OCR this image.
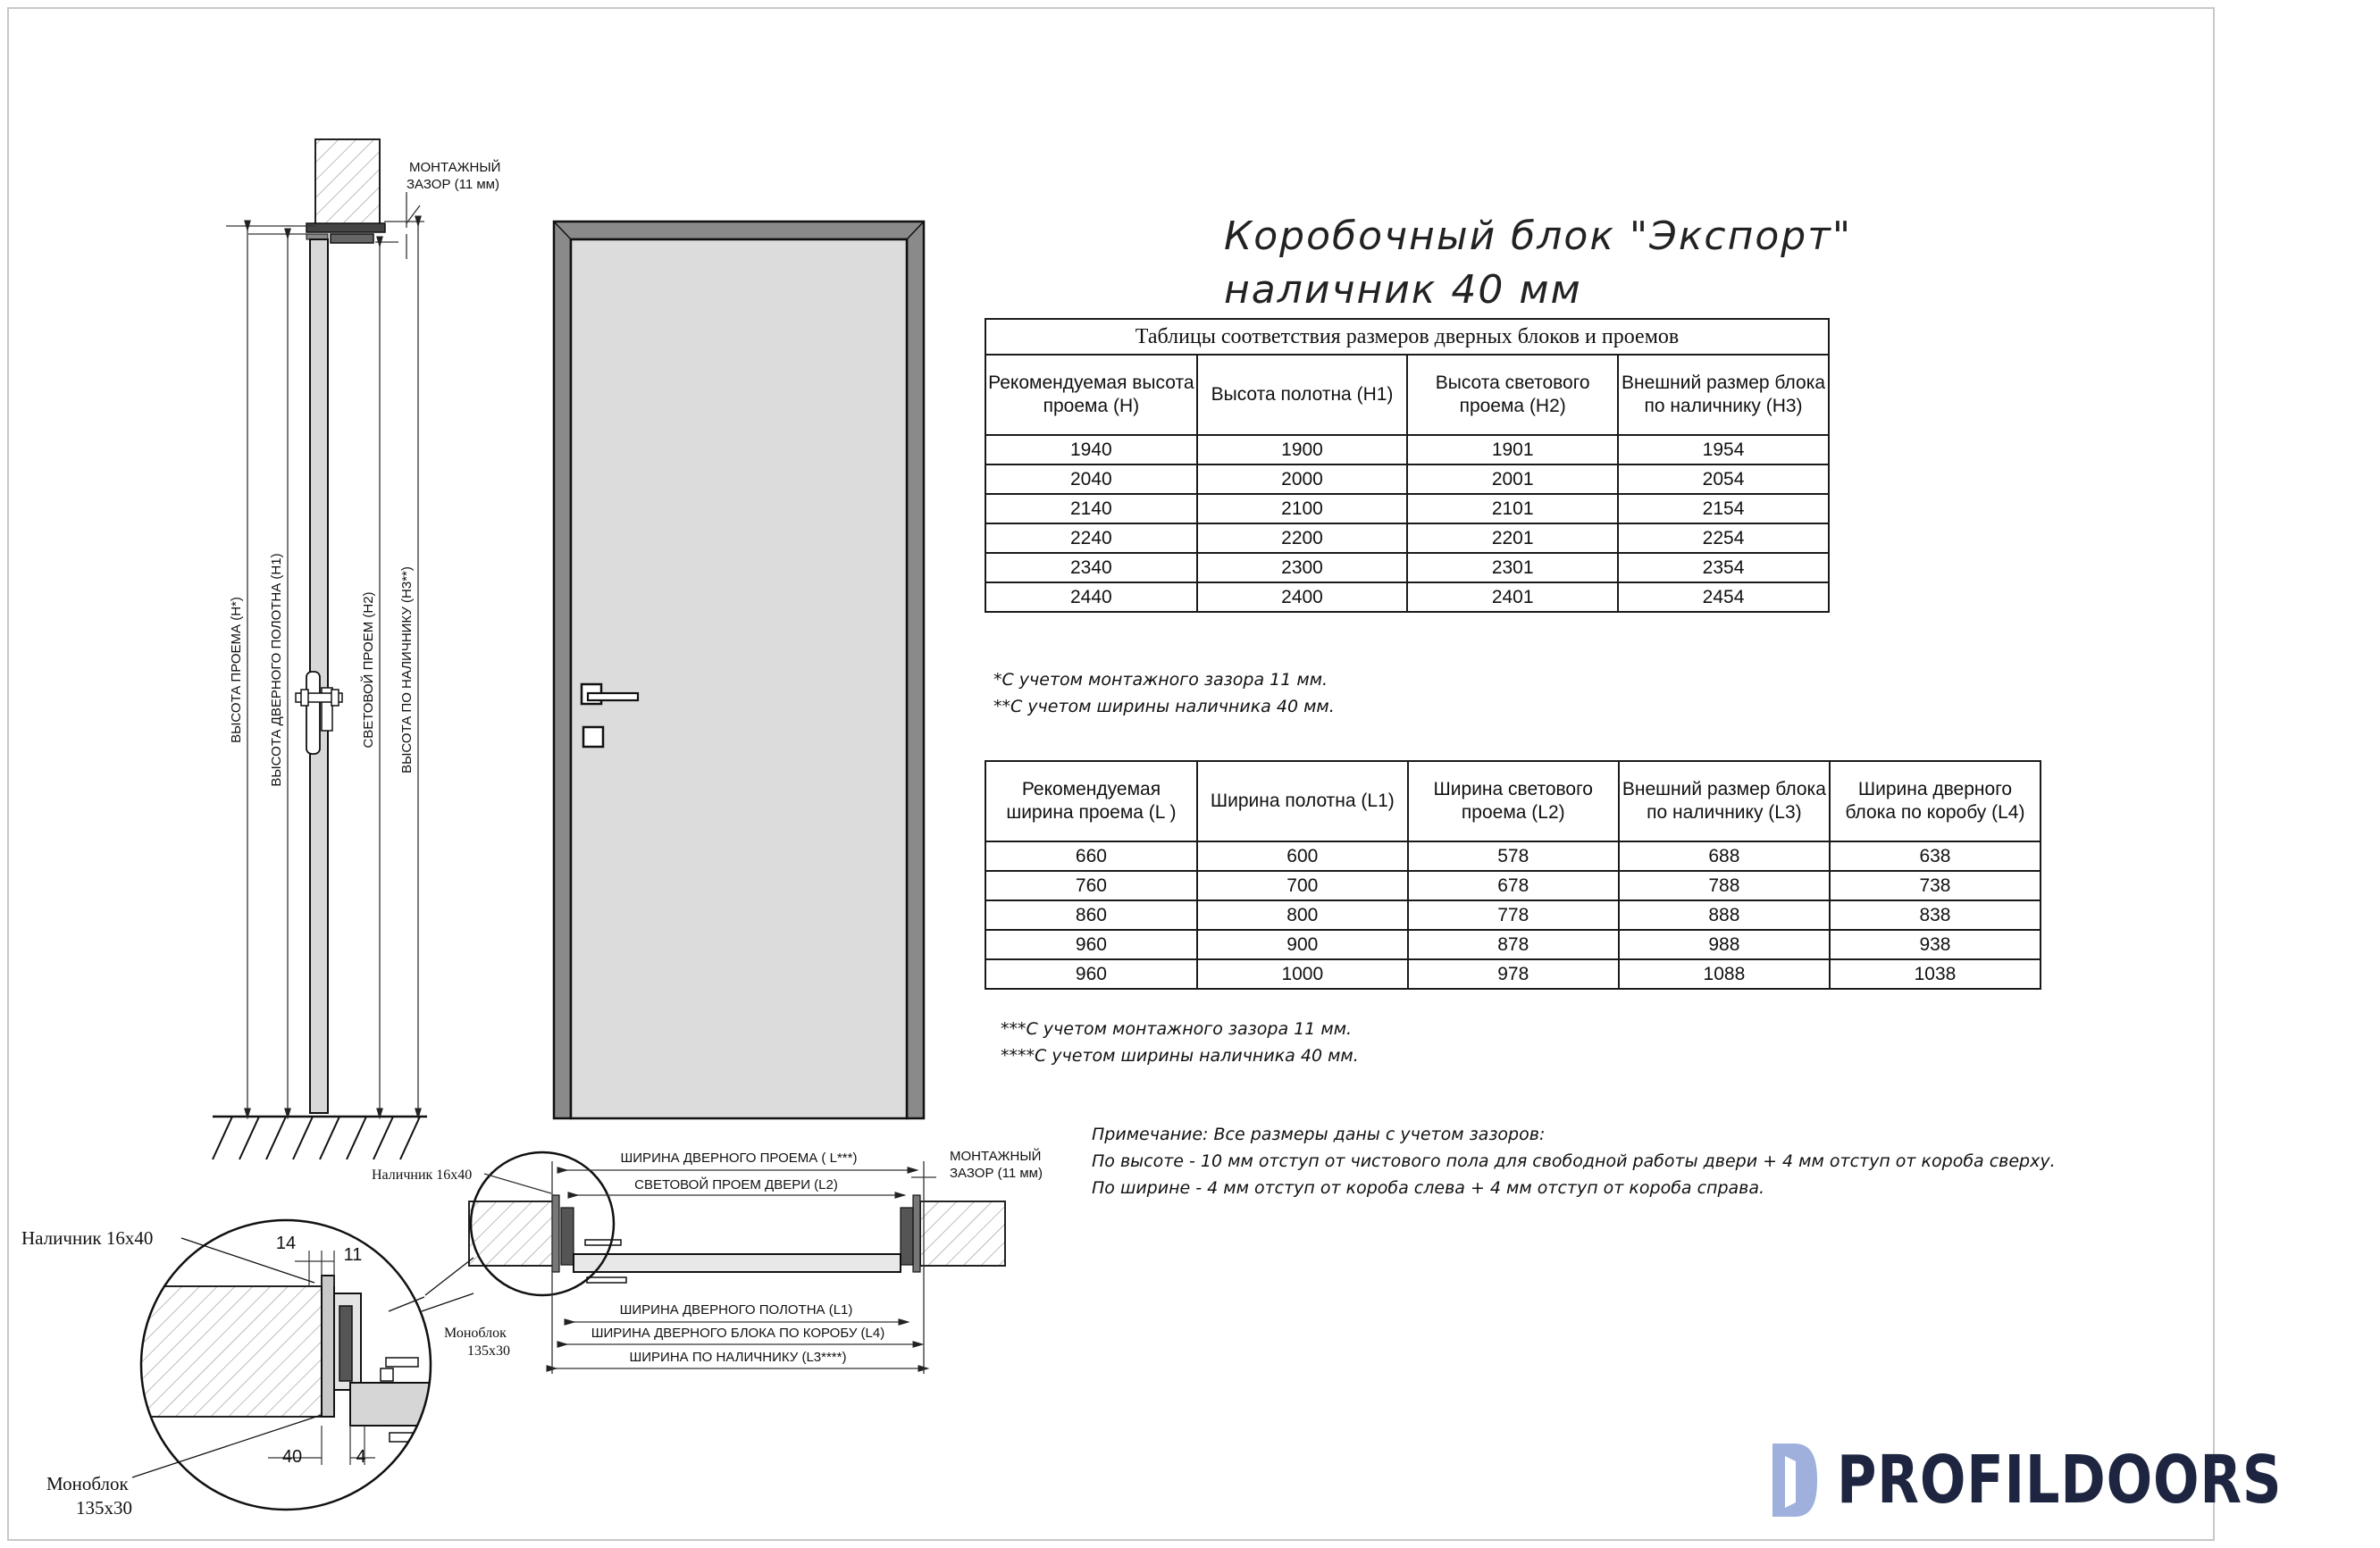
ВЫСОТА ПРОЕМА (H*) ВЫСОТА ДВЕРНОГО ПОЛОТНА (H1)	СВЕТОВОЙ ПРОЕМ (H2) ВЫСОТА ПО НАЛИЧНИКУ (H3**)
МОНТАЖНЫЙ
ЗАЗОР (11 мм)
ШИРИНА ДВЕРНОГО ПРОЕМА ( L***)
СВЕТОВОЙ ПРОЕМ ДВЕРИ (L2)
ШИРИНА ДВЕРНОГО ПОЛОТНА (L1)
ШИРИНА ДВЕРНОГО БЛОКА ПО КОРОБУ (L4)
ШИРИНА ПО НАЛИЧНИКУ (L3****)
МОНТАЖНЫЙ
ЗАЗОР (11 мм)
Наличник 16х40
Моноблок
135х30
14
11
40	4
Наличник 16х40
Моноблок
135х30
Коробочный блок "Экспорт"
наличник 40 мм
Таблицы соответствия размеров дверных блоков и проемов			
Рекомендуемая высота проема (H)	Высота полотна (H1)	Высота светового проема (H2)	Внешний размер блока по наличнику (H3)
1940	1900	1901	1954
2040	2000	2001	2054
2140	2100	2101	2154
2240	2200	2201	2254
2340	2300	2301	2354
2440	2400	2401	2454
*С учетом монтажного зазора 11 мм.
**С учетом ширины наличника 40 мм.
Рекомендуемая ширина проема (L )	Ширина полотна (L1)	Ширина светового проема (L2)	Внешний размер блока по наличнику (L3)	Ширина дверного блока по коробу (L4)
660	600	578	688	638
760	700	678	788	738
860	800	778	888	838
960	900	878	988	938
960	1000	978	1088	1038
***С учетом монтажного зазора 11 мм.
****С учетом ширины наличника 40 мм.
Примечание: Все размеры даны с учетом зазоров:
По высоте - 10 мм отступ от чистового пола для свободной работы двери + 4 мм отступ от короба сверху.
По ширине - 4 мм отступ от короба слева + 4 мм отступ от короба справа.
PROFILDOORS
